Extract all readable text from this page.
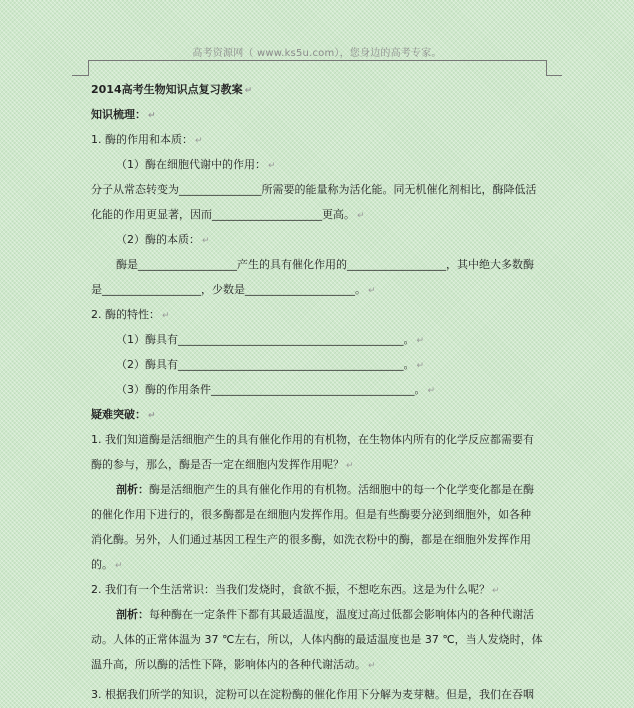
高考资源网（ www.ks5u.com），您身边的高考专家。
2014高考生物知识点复习教案 ↵
知识梳理： ↵
1. 酶的作用和本质： ↵
（1）酶在细胞代谢中的作用： ↵
分子从常态转变为_______________所需要的能量称为活化能。同无机催化剂相比，酶降低活
化能的作用更显著，因而____________________更高。 ↵
（2）酶的本质： ↵
酶是__________________产生的具有催化作用的__________________，其中绝大多数酶
是__________________，少数是____________________。 ↵
2. 酶的特性： ↵
（1）酶具有_________________________________________。 ↵
（2）酶具有_________________________________________。 ↵
（3）酶的作用条件_____________________________________。 ↵
疑难突破： ↵
1. 我们知道酶是活细胞产生的具有催化作用的有机物，在生物体内所有的化学反应都需要有
酶的参与，那么，酶是否一定在细胞内发挥作用呢？ ↵
剖析：酶是活细胞产生的具有催化作用的有机物。活细胞中的每一个化学变化都是在酶
的催化作用下进行的，很多酶都是在细胞内发挥作用。但是有些酶要分泌到细胞外，如各种
消化酶。另外，人们通过基因工程生产的很多酶，如洗衣粉中的酶，都是在细胞外发挥作用
的。 ↵
2. 我们有一个生活常识：当我们发烧时，食欲不振，不想吃东西。这是为什么呢？ ↵
剖析：每种酶在一定条件下都有其最适温度，温度过高过低都会影响体内的各种代谢活
动。人体的正常体温为 37 ℃左右，所以，人体内酶的最适温度也是 37 ℃，当人发烧时，体
温升高，所以酶的活性下降，影响体内的各种代谢活动。 ↵
3. 根据我们所学的知识，淀粉可以在淀粉酶的催化作用下分解为麦芽糖。但是，我们在吞咽
